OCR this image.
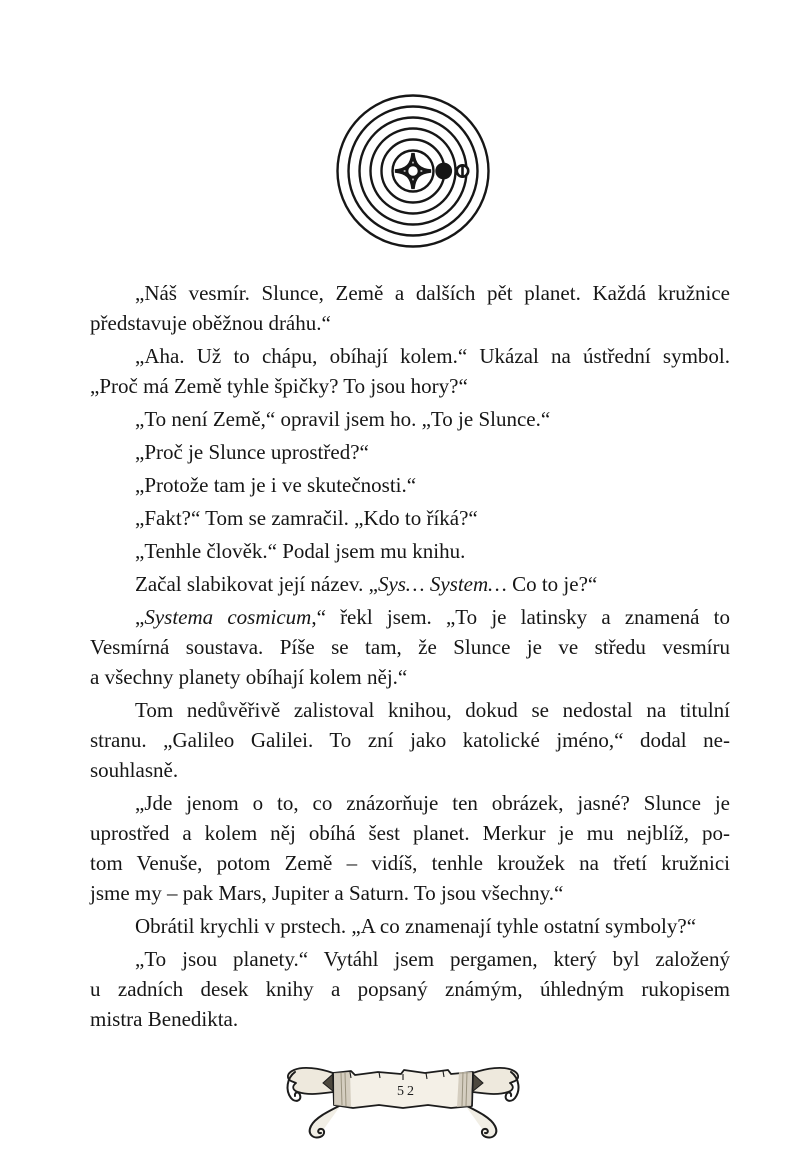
„Náš vesmír. Slunce, Země a dalších pět planet. Každá kružnice
představuje oběžnou dráhu.“
„Aha. Už to chápu, obíhají kolem.“ Ukázal na ústřední symbol.
„Proč má Země tyhle špičky? To jsou hory?“
„To není Země,“ opravil jsem ho. „To je Slunce.“
„Proč je Slunce uprostřed?“
„Protože tam je i ve skutečnosti.“
„Fakt?“ Tom se zamračil. „Kdo to říká?“
„Tenhle člověk.“ Podal jsem mu knihu.
Začal slabikovat její název. „Sys… System… Co to je?“
„Systema cosmicum,“ řekl jsem. „To je latinsky a znamená to
Vesmírná soustava. Píše se tam, že Slunce je ve středu vesmíru
a všechny planety obíhají kolem něj.“
Tom nedůvěřivě zalistoval knihou, dokud se nedostal na titulní
stranu. „Galileo Galilei. To zní jako katolické jméno,“ dodal ne-
souhlasně.
„Jde jenom o to, co znázorňuje ten obrázek, jasné? Slunce je
uprostřed a kolem něj obíhá šest planet. Merkur je mu nejblíž, po-
tom Venuše, potom Země – vidíš, tenhle kroužek na třetí kružnici
jsme my – pak Mars, Jupiter a Saturn. To jsou všechny.“
Obrátil krychli v prstech. „A co znamenají tyhle ostatní symboly?“
„To jsou planety.“ Vytáhl jsem pergamen, který byl založený
u zadních desek knihy a popsaný známým, úhledným rukopisem
mistra Benedikta.
52
